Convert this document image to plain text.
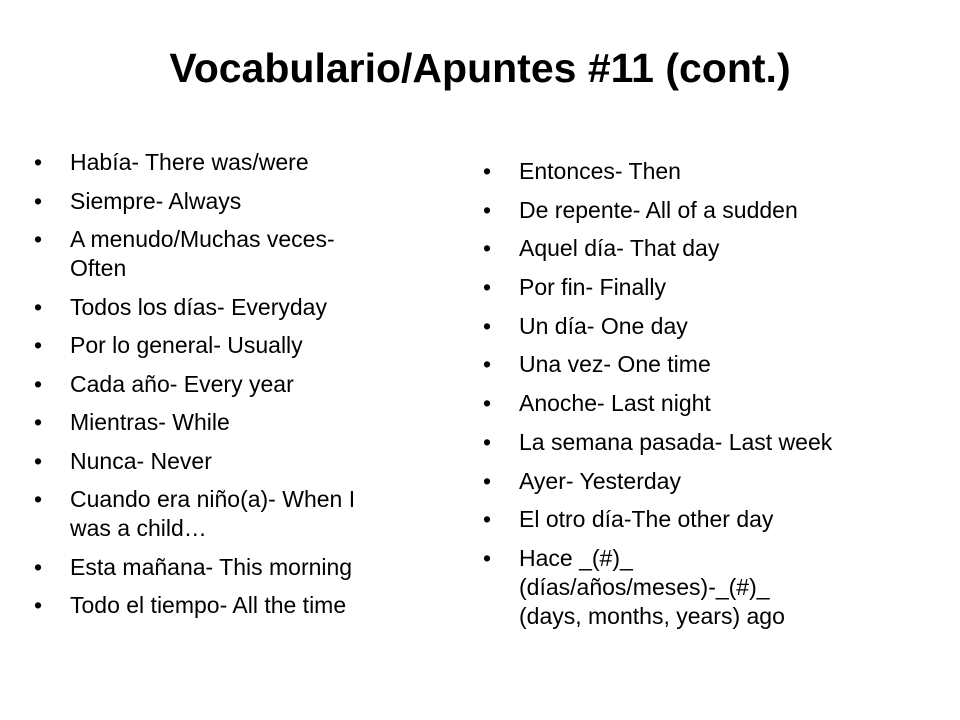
Vocabulario/Apuntes #11 (cont.)
• Había- There was/were
• Siempre- Always
• A menudo/Muchas veces-
Often
• Todos los días- Everyday
• Por lo general- Usually
• Cada año- Every year
• Mientras- While
• Nunca- Never
• Cuando era niño(a)- When I
was a child…
• Esta mañana- This morning
• Todo el tiempo- All the time
• Entonces- Then
• De repente- All of a sudden
• Aquel día- That day
• Por fin- Finally
• Un día- One day
• Una vez- One time
• Anoche- Last night
• La semana pasada- Last week
• Ayer- Yesterday
• El otro día-The other day
• Hace _(#)_
(días/años/meses)-_(#)_
(days, months, years) ago
